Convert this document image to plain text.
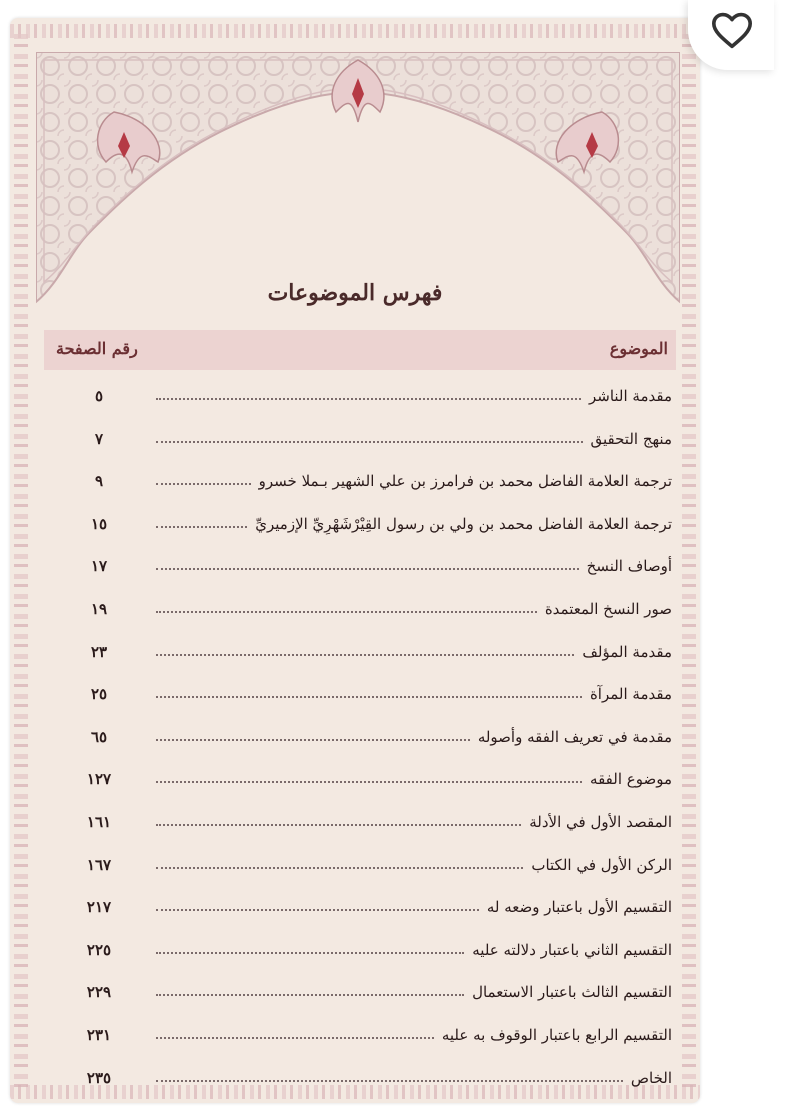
فهرس الموضوعات
الموضوع
رقم الصفحة
مقدمة الناشر
٥
منهج التحقيق
٧
ترجمة العلامة الفاضل محمد بن فرامرز بن علي الشهير بـملا خسرو
٩
ترجمة العلامة الفاضل محمد بن ولي بن رسول القِيْرْشَهْرِيِّ الإزميريِّ
١٥
أوصاف النسخ
١٧
صور النسخ المعتمدة
١٩
مقدمة المؤلف
٢٣
مقدمة المرآة
٢٥
مقدمة في تعريف الفقه وأصوله
٦٥
موضوع الفقه
١٢٧
المقصد الأول في الأدلة
١٦١
الركن الأول في الكتاب
١٦٧
التقسيم الأول باعتبار وضعه له
٢١٧
التقسيم الثاني باعتبار دلالته عليه
٢٢٥
التقسيم الثالث باعتبار الاستعمال
٢٢٩
التقسيم الرابع باعتبار الوقوف به عليه
٢٣١
الخاص
٢٣٥
